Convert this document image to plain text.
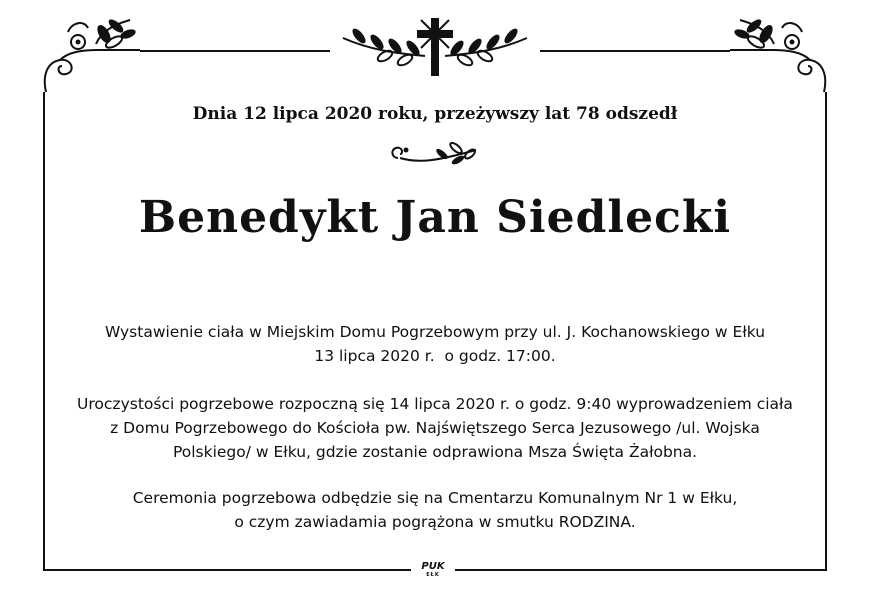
Dnia 12 lipca 2020 roku, przeżywszy lat 78 odszedł
Benedykt Jan Siedlecki
Wystawienie ciała w Miejskim Domu Pogrzebowym przy ul. J. Kochanowskiego w Ełku
13 lipca 2020 r.  o godz. 17:00.
Uroczystości pogrzebowe rozpoczną się 14 lipca 2020 r. o godz. 9:40 wyprowadzeniem ciała
z Domu Pogrzebowego do Kościoła pw. Najświętszego Serca Jezusowego /ul. Wojska
Polskiego/ w Ełku, gdzie zostanie odprawiona Msza Święta Żałobna.
Ceremonia pogrzebowa odbędzie się na Cmentarzu Komunalnym Nr 1 w Ełku,
o czym zawiadamia pogrążona w smutku RODZINA.
PUK
EŁK
